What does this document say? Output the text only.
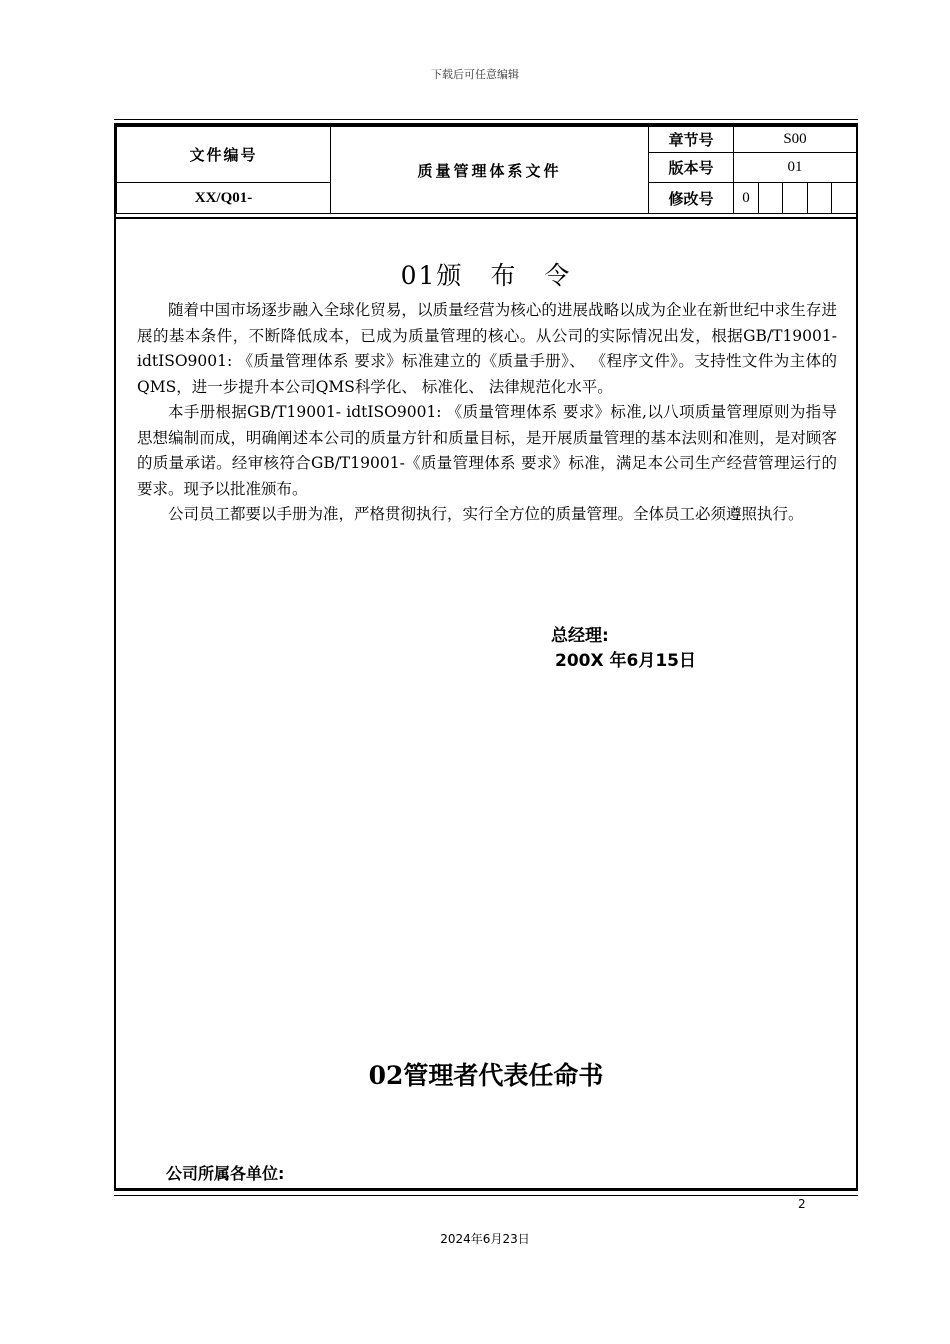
下载后可任意编辑
文件编号	质量管理体系文件	章节号	S00				
		版本号	01				
XX/Q01-		修改号	0				
01颁　布　令

随着中国市场逐步融入全球化贸易，以质量经营为核心的进展战略以成为企业在新世纪中求生存进展的基本条件，不断降低成本，已成为质量管理的核心。从公司的实际情况出发，根据GB/T19001- idtISO9001: 《质量管理体系 要求》标准建立的《质量手册》、 《程序文件》。支持性文件为主体的QMS，进一步提升本公司QMS科学化、 标准化、 法律规范化水平。

本手册根据GB/T19001- idtISO9001: 《质量管理体系 要求》标准,以八项质量管理原则为指导思想编制而成，明确阐述本公司的质量方针和质量目标，是开展质量管理的基本法则和准则，是对顾客的质量承诺。经审核符合GB/T19001-《质量管理体系 要求》标准，满足本公司生产经营管理运行的要求。现予以批准颁布。

公司员工都要以手册为准，严格贯彻执行，实行全方位的质量管理。全体员工必须遵照执行。

总经理:
200X 年6月15日
02管理者代表任命书
公司所属各单位:
2
2024年6月23日
